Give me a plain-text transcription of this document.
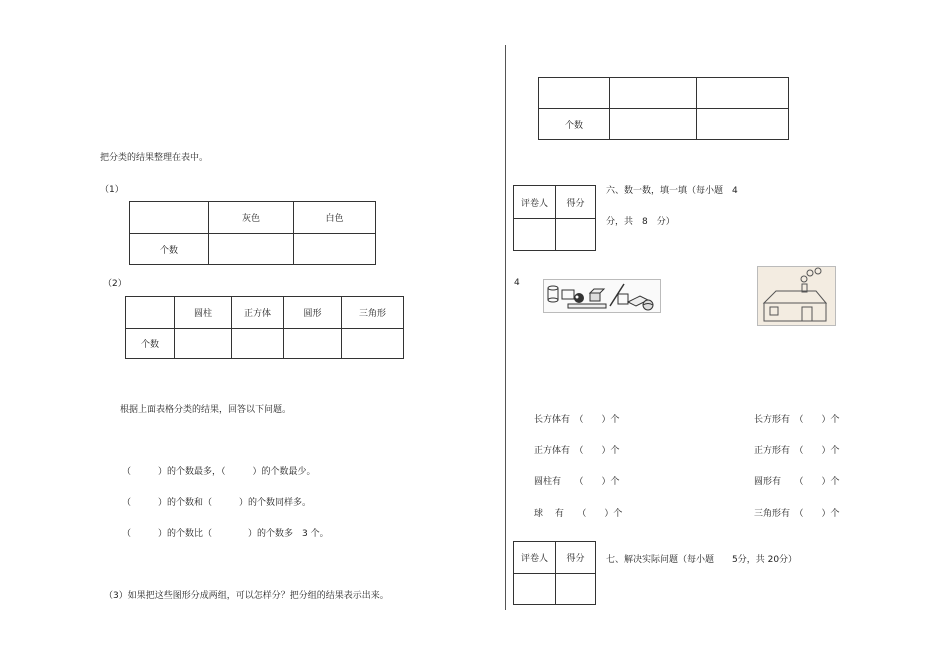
把分类的结果整理在表中。
（1）
	灰色	白色
个数		
（2）
	圆柱	正方体	圆形	三角形
个数				
根据上面表格分类的结果，回答以下问题。
（　　　）的个数最多，（　　　）的个数最少。
（　　　）的个数和（　　　）的个数同样多。
（　　　）的个数比（　　　　）的个数多　3 个。
（3）如果把这些图形分成两组，可以怎样分？把分组的结果表示出来。

个数		
评卷人	得分

六、数一数，填一填（每小题　4
分，共　8　分）
4
长方体有　（　　）个
正方体有　（　　）个
圆柱有　　（　　）个
球　 有　　（　　）个
长方形有　（　　）个
正方形有　（　　）个
圆形有　　（　　）个
三角形有　（　　）个
评卷人	得分
	七、解决实际问题（每小题　　5分，共 20分）
